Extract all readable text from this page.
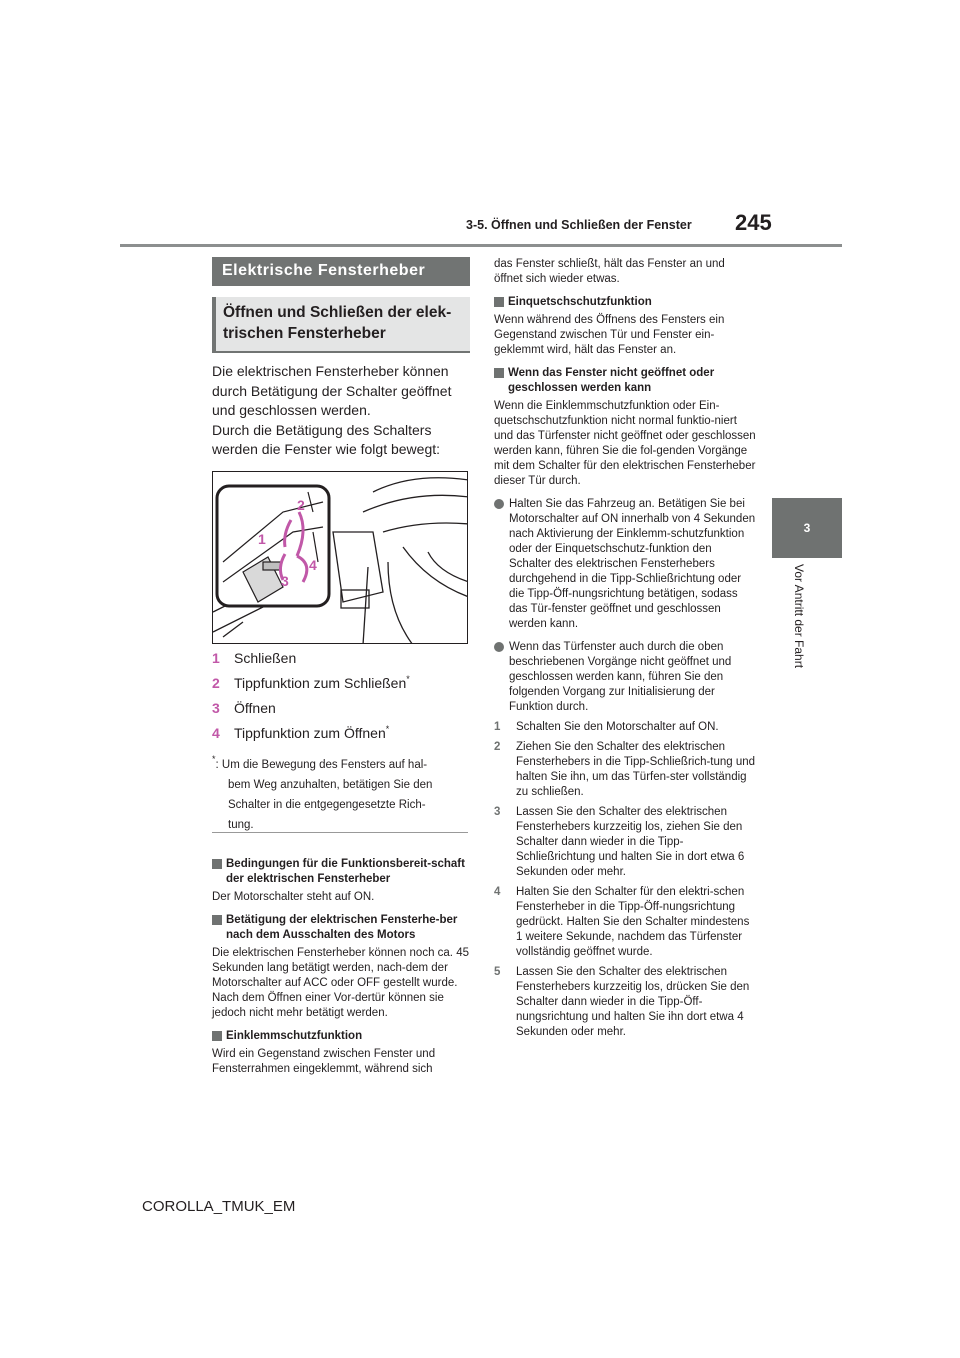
3-5. Öffnen und Schließen der Fenster 245
3
Vor Antritt der Fahrt
Elektrische Fensterheber
Öffnen und Schließen der elek-
trischen Fensterheber
Die elektrischen Fensterheber können
durch Betätigung der Schalter geöffnet
und geschlossen werden.
Durch die Betätigung des Schalters
werden die Fenster wie folgt bewegt:
1
2
3
4
1	Schließen
2	Tippfunktion zum Schließen *
3	Öffnen
4	Tippfunktion zum Öffnen *
*: Um die Bewegung des Fensters auf hal-
bem Weg anzuhalten, betätigen Sie den
Schalter in die entgegengesetzte Rich-
tung.
Bedingungen für die Funktionsbereit-schaft der elektrischen Fensterheber
Der Motorschalter steht auf ON.
Betätigung der elektrischen Fensterhe-ber nach dem Ausschalten des Motors
Die elektrischen Fensterheber können noch ca. 45 Sekunden lang betätigt werden, nach-dem der Motorschalter auf ACC oder OFF gestellt wurde. Nach dem Öffnen einer Vor-dertür können sie jedoch nicht mehr betätigt werden.
Einklemmschutzfunktion
Wird ein Gegenstand zwischen Fenster und Fensterrahmen eingeklemmt, während sich
das Fenster schließt, hält das Fenster an und öffnet sich wieder etwas.
Einquetschschutzfunktion
Wenn während des Öffnens des Fensters ein Gegenstand zwischen Tür und Fenster ein-geklemmt wird, hält das Fenster an.
Wenn das Fenster nicht geöffnet oder geschlossen werden kann
Wenn die Einklemmschutzfunktion oder Ein-quetschschutzfunktion nicht normal funktio-niert und das Türfenster nicht geöffnet oder geschlossen werden kann, führen Sie die fol-genden Vorgänge mit dem Schalter für den elektrischen Fensterheber dieser Tür durch.
Halten Sie das Fahrzeug an. Betätigen Sie bei Motorschalter auf ON innerhalb von 4 Sekunden nach Aktivierung der Einklemm-schutzfunktion oder der Einquetschschutz-funktion den Schalter des elektrischen Fensterhebers durchgehend in die Tipp-Schließrichtung oder die Tipp-Öff-nungsrichtung betätigen, sodass das Tür-fenster geöffnet und geschlossen werden kann.
Wenn das Türfenster auch durch die oben beschriebenen Vorgänge nicht geöffnet und geschlossen werden kann, führen Sie den folgenden Vorgang zur Initialisierung der Funktion durch.
1	Schalten Sie den Motorschalter auf ON.
2	Ziehen Sie den Schalter des elektrischen Fensterhebers in die Tipp-Schließrich-tung und halten Sie ihn, um das Türfen-ster vollständig zu schließen.
3	Lassen Sie den Schalter des elektrischen Fensterhebers kurzzeitig los, ziehen Sie den Schalter dann wieder in die Tipp-Schließrichtung und halten Sie in dort etwa 6 Sekunden oder mehr.
4	Halten Sie den Schalter für den elektri-schen Fensterheber in die Tipp-Öff-nungsrichtung gedrückt. Halten Sie den Schalter mindestens 1 weitere Sekunde, nachdem das Türfenster vollständig geöffnet wurde.
5	Lassen Sie den Schalter des elektrischen Fensterhebers kurzzeitig los, drücken Sie den Schalter dann wieder in die Tipp-Öff-nungsrichtung und halten Sie ihn dort etwa 4 Sekunden oder mehr.
COROLLA_TMUK_EM
